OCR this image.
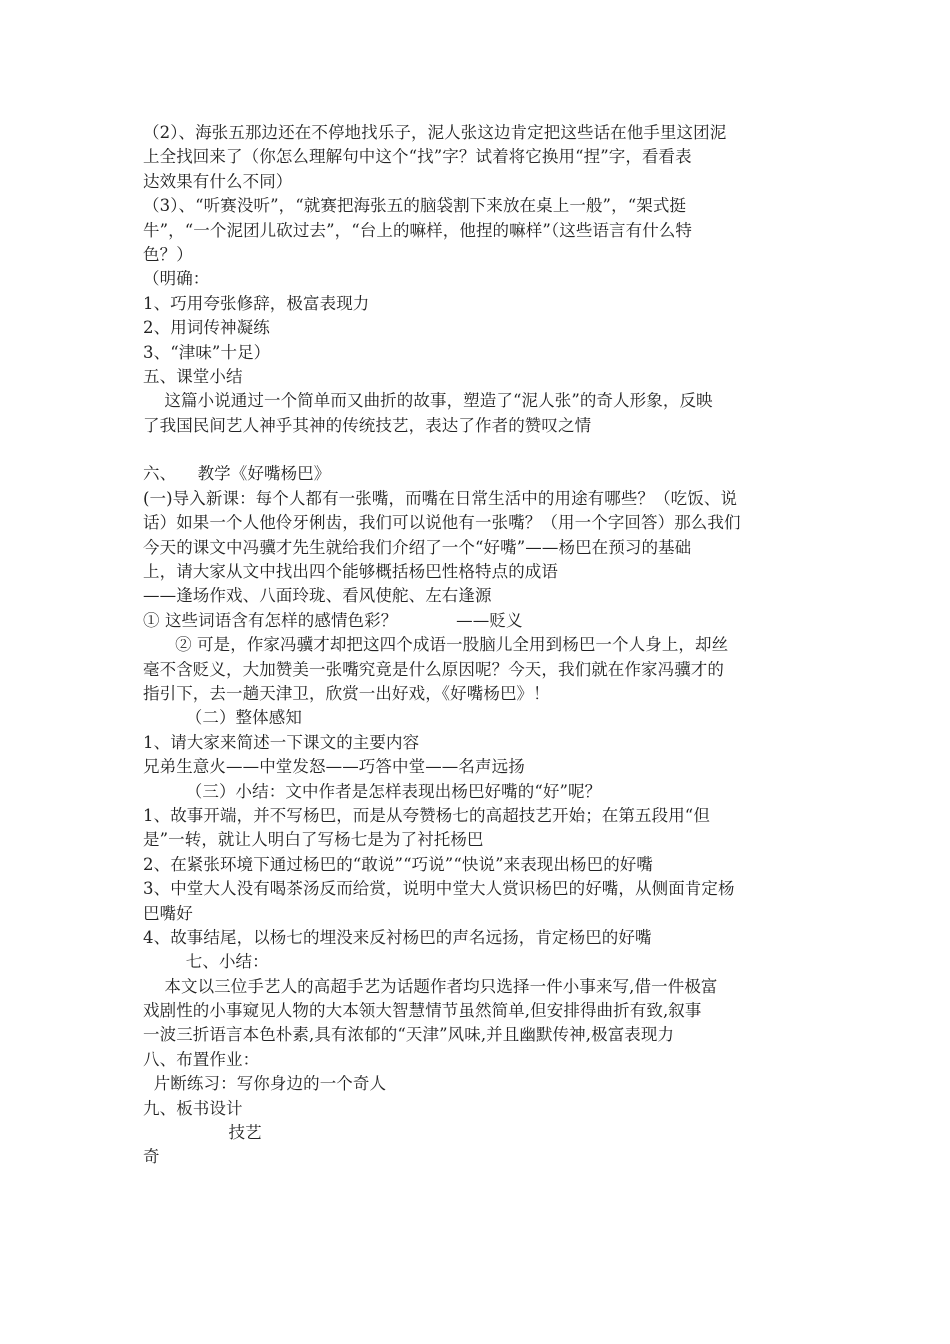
（2）、海张五那边还在不停地找乐子，泥人张这边肯定把这些话在他手里这团泥
上全找回来了（你怎么理解句中这个“找”字？试着将它换用“捏”字，看看表
达效果有什么不同）
（3）、“听赛没听”，“就赛把海张五的脑袋割下来放在桌上一般”，“架式挺
牛”，“一个泥团儿砍过去”，“台上的嘛样，他捏的嘛样”（这些语言有什么特
色？）
（明确：
1、巧用夸张修辞，极富表现力
2、用词传神凝练
3、“津味”十足）
五、课堂小结
这篇小说通过一个简单而又曲折的故事，塑造了“泥人张”的奇人形象，反映
了我国民间艺人神乎其神的传统技艺，表达了作者的赞叹之情
六、    教学《好嘴杨巴》
(一)导入新课：每个人都有一张嘴，而嘴在日常生活中的用途有哪些？（吃饭、说
话）如果一个人他伶牙俐齿，我们可以说他有一张嘴？（用一个字回答）那么我们
今天的课文中冯骥才先生就给我们介绍了一个“好嘴”——杨巴在预习的基础
上，请大家从文中找出四个能够概括杨巴性格特点的成语
——逢场作戏、八面玲珑、看风使舵、左右逢源
① 这些词语含有怎样的感情色彩？           ——贬义
② 可是，作家冯骥才却把这四个成语一股脑儿全用到杨巴一个人身上，却丝
毫不含贬义，大加赞美一张嘴究竟是什么原因呢？今天，我们就在作家冯骥才的
指引下，去一趟天津卫，欣赏一出好戏，《好嘴杨巴》！
（二）整体感知
1、请大家来简述一下课文的主要内容
兄弟生意火——中堂发怒——巧答中堂——名声远扬
（三）小结：文中作者是怎样表现出杨巴好嘴的“好”呢？
1、故事开端，并不写杨巴，而是从夸赞杨七的高超技艺开始；在第五段用“但
是”一转，就让人明白了写杨七是为了衬托杨巴
2、在紧张环境下通过杨巴的“敢说”“巧说”“快说”来表现出杨巴的好嘴
3、中堂大人没有喝茶汤反而给赏，说明中堂大人赏识杨巴的好嘴，从侧面肯定杨
巴嘴好
4、故事结尾，以杨七的埋没来反衬杨巴的声名远扬，肯定杨巴的好嘴
七、小结：
本文以三位手艺人的高超手艺为话题作者均只选择一件小事来写,借一件极富
戏剧性的小事窥见人物的大本领大智慧情节虽然简单,但安排得曲折有致,叙事
一波三折语言本色朴素,具有浓郁的“天津”风味,并且幽默传神,极富表现力
八、布置作业：
片断练习：写你身边的一个奇人
九、板书设计
技艺
奇
